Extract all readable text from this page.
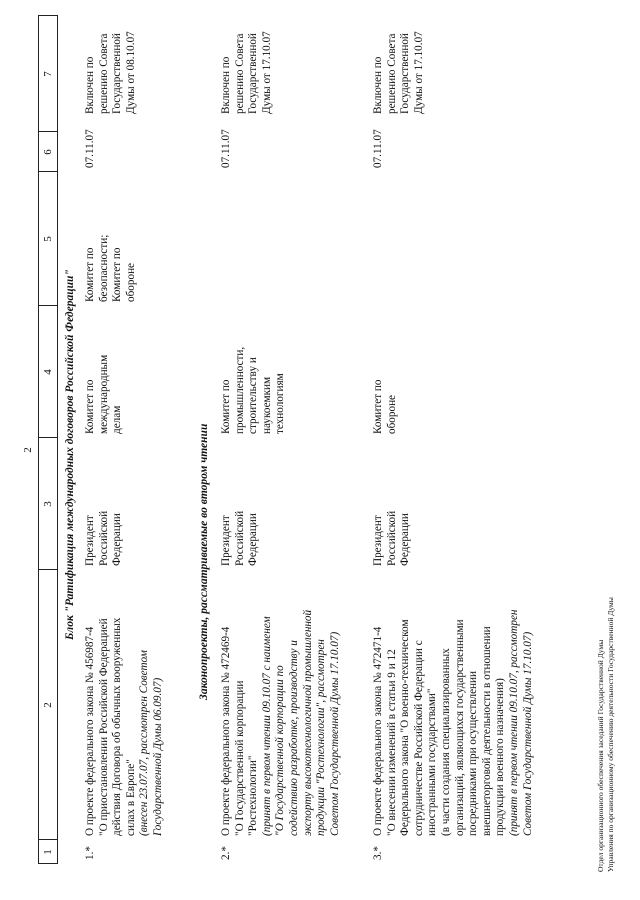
2
1
2
3
4
5
6
7
Блок "Ратификация международных договоров Российской Федерации"
1.*
О проекте федерального закона № 456987-4 "О приостановлении Российской Федерацией действия Договора об обычных вооруженных силах в Европе" (внесен 23.07.07, рассмотрен Советом Государственной Думы 06.09.07)
Президент Российской Федерации
Комитет по международным делам
Комитет по безопасности; Комитет по обороне
07.11.07
Включен по решению Совета Государственной Думы от 08.10.07
Законопроекты, рассматриваемые во втором чтении
2.*
О проекте федерального закона № 472469-4 "О Государственной корпорации "Ростехнологии" (принят в первом чтении 09.10.07 с наименем "О Государственной корпорации по содействию разработке, производству и экспорту высокотехнологичной промышленной продукции "Ростехнологии", рассмотрен Советом Государственной Думы 17.10.07)
Президент Российской Федерации
Комитет по промышленности, строительству и наукоемким технологиям
07.11.07
Включен по решению Совета Государственной Думы от 17.10.07
3.*
О проекте федерального закона № 472471-4 "О внесении изменений в статьи 9 и 12 Федерального закона "О военно-техническом сотрудничестве Российской Федерации с иностранными государствами" (в части создания специализированных организаций, являющихся государственными посредниками при осуществлении внешнеторговой деятельности в отношении продукции военного назначения) (принят в первом чтении 09.10.07, рассмотрен Советом Государственной Думы 17.10.07)
Президент Российской Федерации
Комитет по обороне
07.11.07
Включен по решению Совета Государственной Думы от 17.10.07
Отдел организационного обеспечения заседаний Государственной Думы Управления по организационному обеспечению деятельности Государственной Думы
